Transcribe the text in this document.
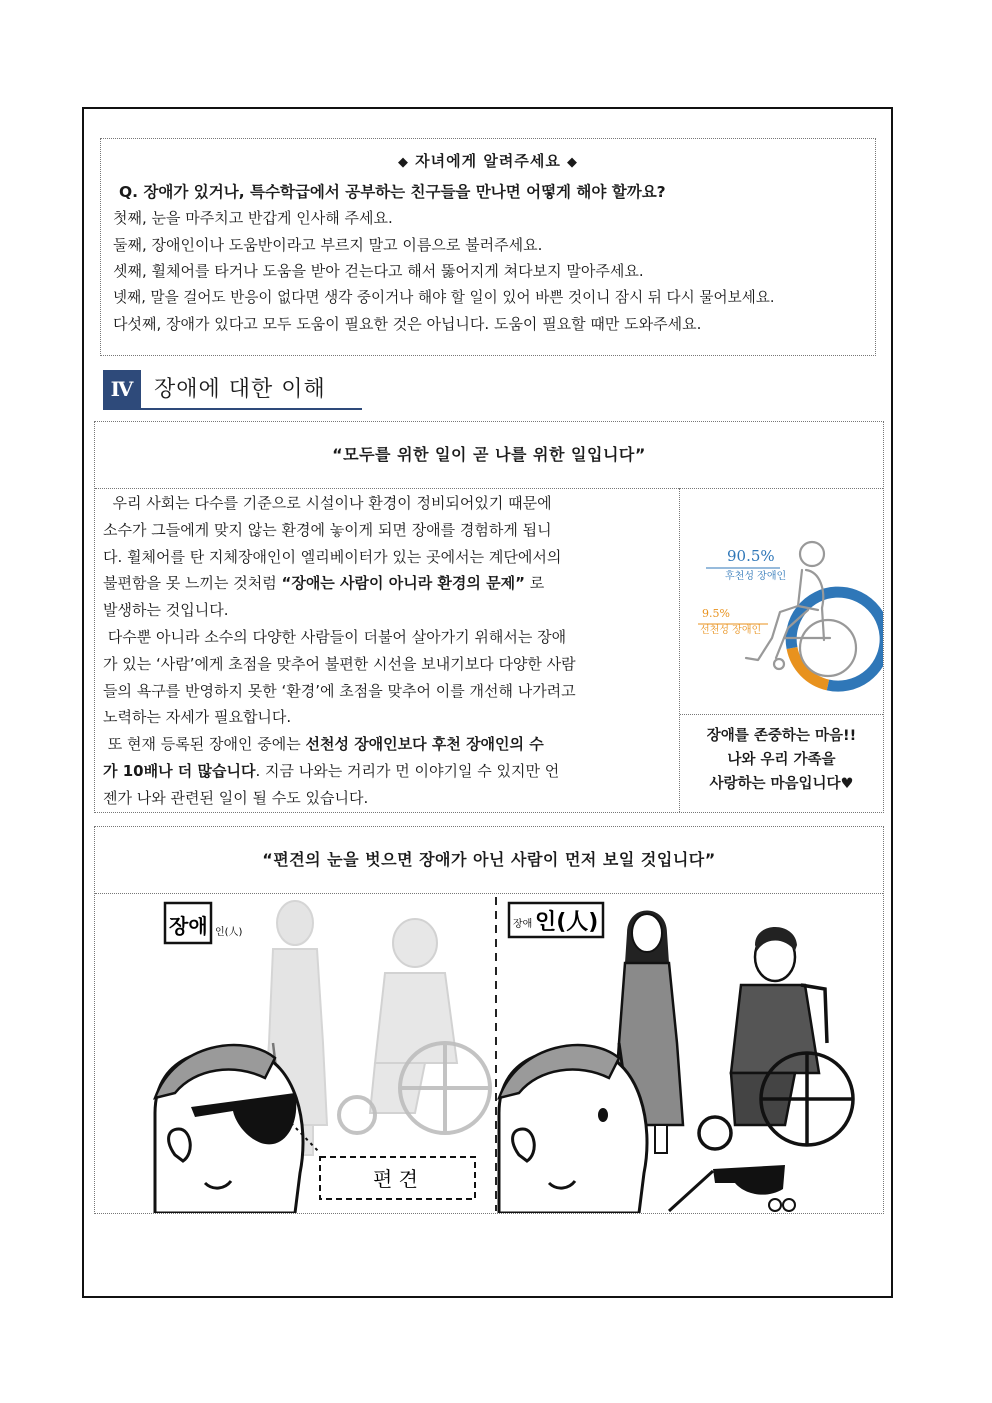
◆ 자녀에게 알려주세요 ◆
Q. 장애가 있거나, 특수학급에서 공부하는 친구들을 만나면 어떻게 해야 할까요?
첫째, 눈을 마주치고 반갑게 인사해 주세요.
둘째, 장애인이나 도움반이라고 부르지 말고 이름으로 불러주세요.
셋째, 휠체어를 타거나 도움을 받아 걷는다고 해서 뚫어지게 쳐다보지 말아주세요.
넷째, 말을 걸어도 반응이 없다면 생각 중이거나 해야 할 일이 있어 바쁜 것이니 잠시 뒤 다시 물어보세요.
다섯째, 장애가 있다고 모두 도움이 필요한 것은 아닙니다. 도움이 필요할 때만 도와주세요.
Ⅳ 장애에 대한 이해
“모두를 위한 일이 곧 나를 위한 일입니다”
우리 사회는 다수를 기준으로 시설이나 환경이 정비되어있기 때문에
소수가 그들에게 맞지 않는 환경에 놓이게 되면 장애를 경험하게 됩니
다. 휠체어를 탄 지체장애인이 엘리베이터가 있는 곳에서는 계단에서의
불편함을 못 느끼는 것처럼 “장애는 사람이 아니라 환경의 문제” 로
발생하는 것입니다.
다수뿐 아니라 소수의 다양한 사람들이 더불어 살아가기 위해서는 장애
가 있는 ‘사람’에게 초점을 맞추어 불편한 시선을 보내기보다 다양한 사람
들의 욕구를 반영하지 못한 ‘환경’에 초점을 맞추어 이를 개선해 나가려고
노력하는 자세가 필요합니다.
또 현재 등록된 장애인 중에는 선천성 장애인보다 후천 장애인의 수
가 10배나 더 많습니다. 지금 나와는 거리가 먼 이야기일 수 있지만 언
젠가 나와 관련된 일이 될 수도 있습니다.
90.5%
후천성 장애인
9.5%
선천성 장애인
장애를 존중하는 마음!!
나와 우리 가족을
사랑하는 마음입니다♥
“편견의 눈을 벗으면 장애가 아닌 사람이 먼저 보일 것입니다”
장애 인(人)
편 견
장애 인(人)
